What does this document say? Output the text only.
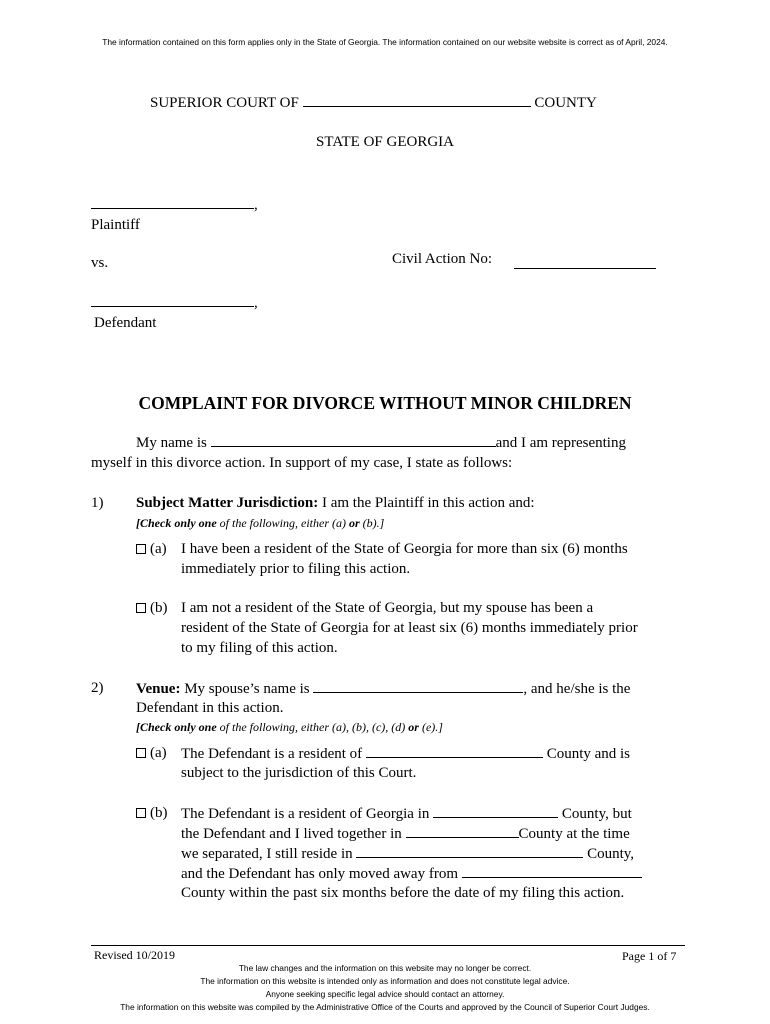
The information contained on this form applies only in the State of Georgia. The information contained on our website website is correct as of April, 2024.
SUPERIOR COURT OF	COUNTY
STATE OF GEORGIA
,
Plaintiff
vs.	Civil Action No:
,
Defendant
COMPLAINT FOR DIVORCE WITHOUT MINOR CHILDREN
My name is	and I am representing
myself in this divorce action. In support of my case, I state as follows:
1) Subject Matter Jurisdiction: I am the Plaintiff in this action and:
[Check only one of the following, either (a) or (b).]
(a) I have been a resident of the State of Georgia for more than six (6) months
immediately prior to filing this action.
(b) I am not a resident of the State of Georgia, but my spouse has been a
resident of the State of Georgia for at least six (6) months immediately prior
to my filing of this action.
2) Venue: My spouse’s name is	, and he/she is the
Defendant in this action.
[Check only one of the following, either (a), (b), (c), (d) or (e).]
(a) The Defendant is a resident of	County and is
subject to the jurisdiction of this Court.
(b) The Defendant is a resident of Georgia in	County, but
the Defendant and I lived together in	County at the time
we separated, I still reside in	County,
and the Defendant has only moved away from
County within the past six months before the date of my filing this action.
Revised 10/2019	Page 1 of 7
The law changes and the information on this website may no longer be correct.
The information on this website is intended only as information and does not constitute legal advice.
Anyone seeking specific legal advice should contact an attorney.
The information on this website was compiled by the Administrative Office of the Courts and approved by the Council of Superior Court Judges.
